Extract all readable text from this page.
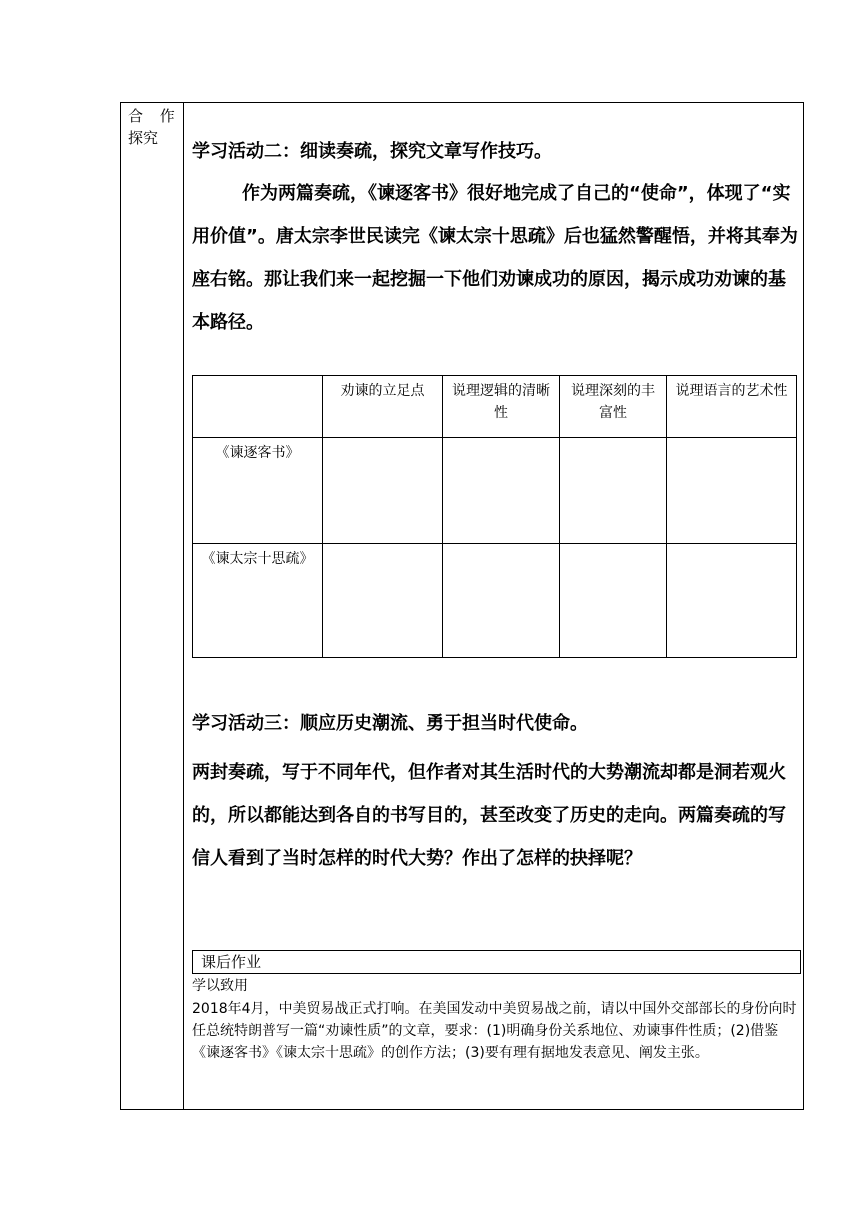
合 作
探究

学习活动二：细读奏疏，探究文章写作技巧。

作为两篇奏疏，《谏逐客书》很好地完成了自己的“使命”，体现了“实用价值”。唐太宗李世民读完《谏太宗十思疏》后也猛然警醒悟，并将其奉为座右铭。那让我们来一起挖掘一下他们劝谏成功的原因，揭示成功劝谏的基本路径。

	劝谏的立足点	说理逻辑的清晰性	说理深刻的丰富性	说理语言的艺术性
《谏逐客书》				
《谏太宗十思疏》				

学习活动三：顺应历史潮流、勇于担当时代使命。

两封奏疏，写于不同年代，但作者对其生活时代的大势潮流却都是洞若观火的，所以都能达到各自的书写目的，甚至改变了历史的走向。两篇奏疏的写信人看到了当时怎样的时代大势？作出了怎样的抉择呢？

课后作业

学以致用

2018年4月，中美贸易战正式打响。在美国发动中美贸易战之前，请以中国外交部部长的身份向时任总统特朗普写一篇“劝谏性质”的文章，要求：(1)明确身份关系地位、劝谏事件性质；(2)借鉴《谏逐客书》《谏太宗十思疏》的创作方法；(3)要有理有据地发表意见、阐发主张。
